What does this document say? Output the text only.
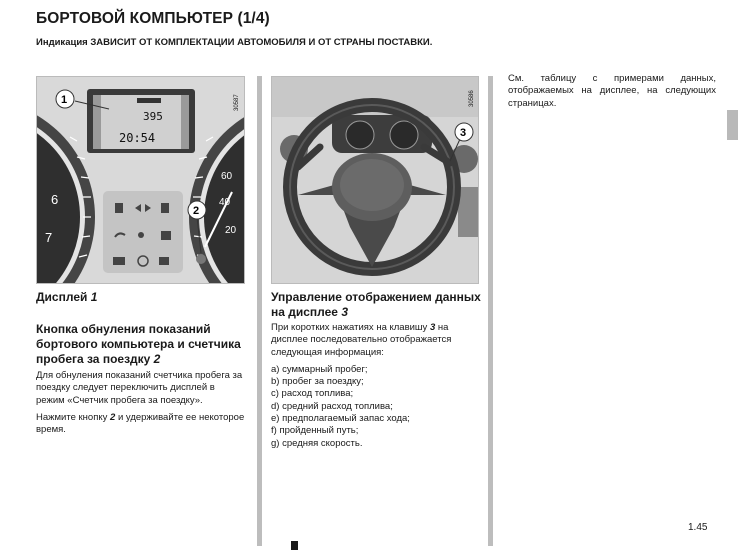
БОРТОВОЙ КОМПЬЮТЕР (1/4)
Индикация ЗАВИСИТ ОТ КОМПЛЕКТАЦИИ АВТОМОБИЛЯ И ОТ СТРАНЫ ПОСТАВКИ.
6
7
60
40
20
395
20:54
1
2
30587
3
30586
Дисплей 1
Кнопка обнуления показаний бортового компьютера и счетчика пробега за поездку 2

Для обнуления показаний счетчика пробега за поездку следует переключить дисплей в режим «Счетчик пробега за поездку».

Нажмите кнопку 2 и удерживайте ее некоторое время.

Управление отображением данных на дисплее 3

При коротких нажатиях на клавишу 3 на дисплее последовательно отображается следующая информация:

a) суммарный пробег;
b) пробег за поездку;
c) расход топлива;
d) средний расход топлива;
e) предполагаемый запас хода;
f) пройденный путь;
g) средняя скорость.
См. таблицу с примерами данных, отображаемых на дисплее, на следующих страницах.
1.45
